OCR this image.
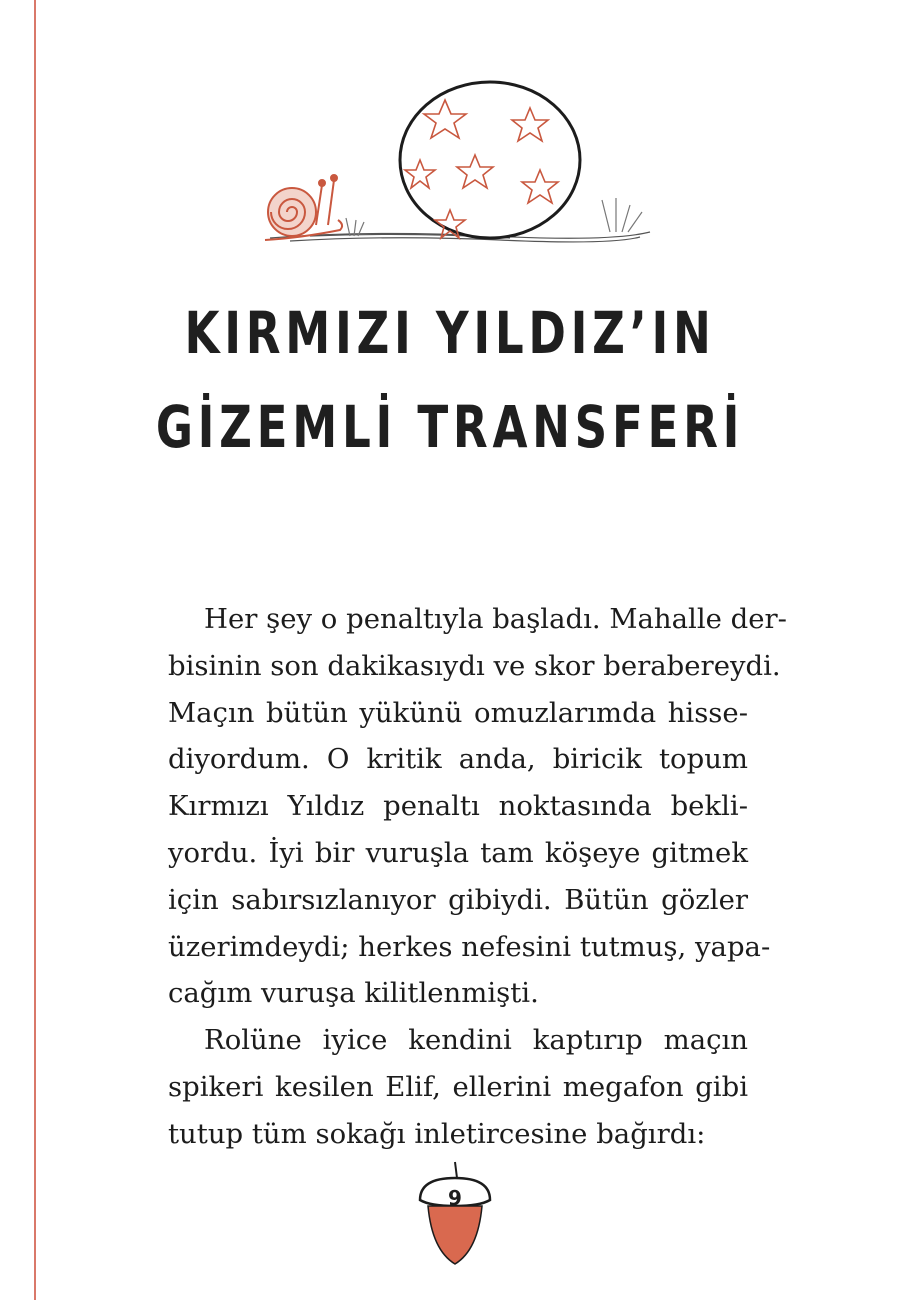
KIRMIZI YILDIZ’IN
GİZEMLİ TRANSFERİ

Her şey o penaltıyla başladı. Mahalle der-
bisinin son dakikasıydı ve skor berabereydi.
Maçın bütün yükünü omuzlarımda hisse-
diyordum. O kritik anda, biricik topum
Kırmızı Yıldız penaltı noktasında bekli-
yordu. İyi bir vuruşla tam köşeye gitmek
için sabırsızlanıyor gibiydi. Bütün gözler
üzerimdeydi; herkes nefesini tutmuş, yapa-
cağım vuruşa kilitlenmişti.
Rolüne iyice kendini kaptırıp maçın
spikeri kesilen Elif, ellerini megafon gibi
tutup tüm sokağı inletircesine bağırdı:

9
